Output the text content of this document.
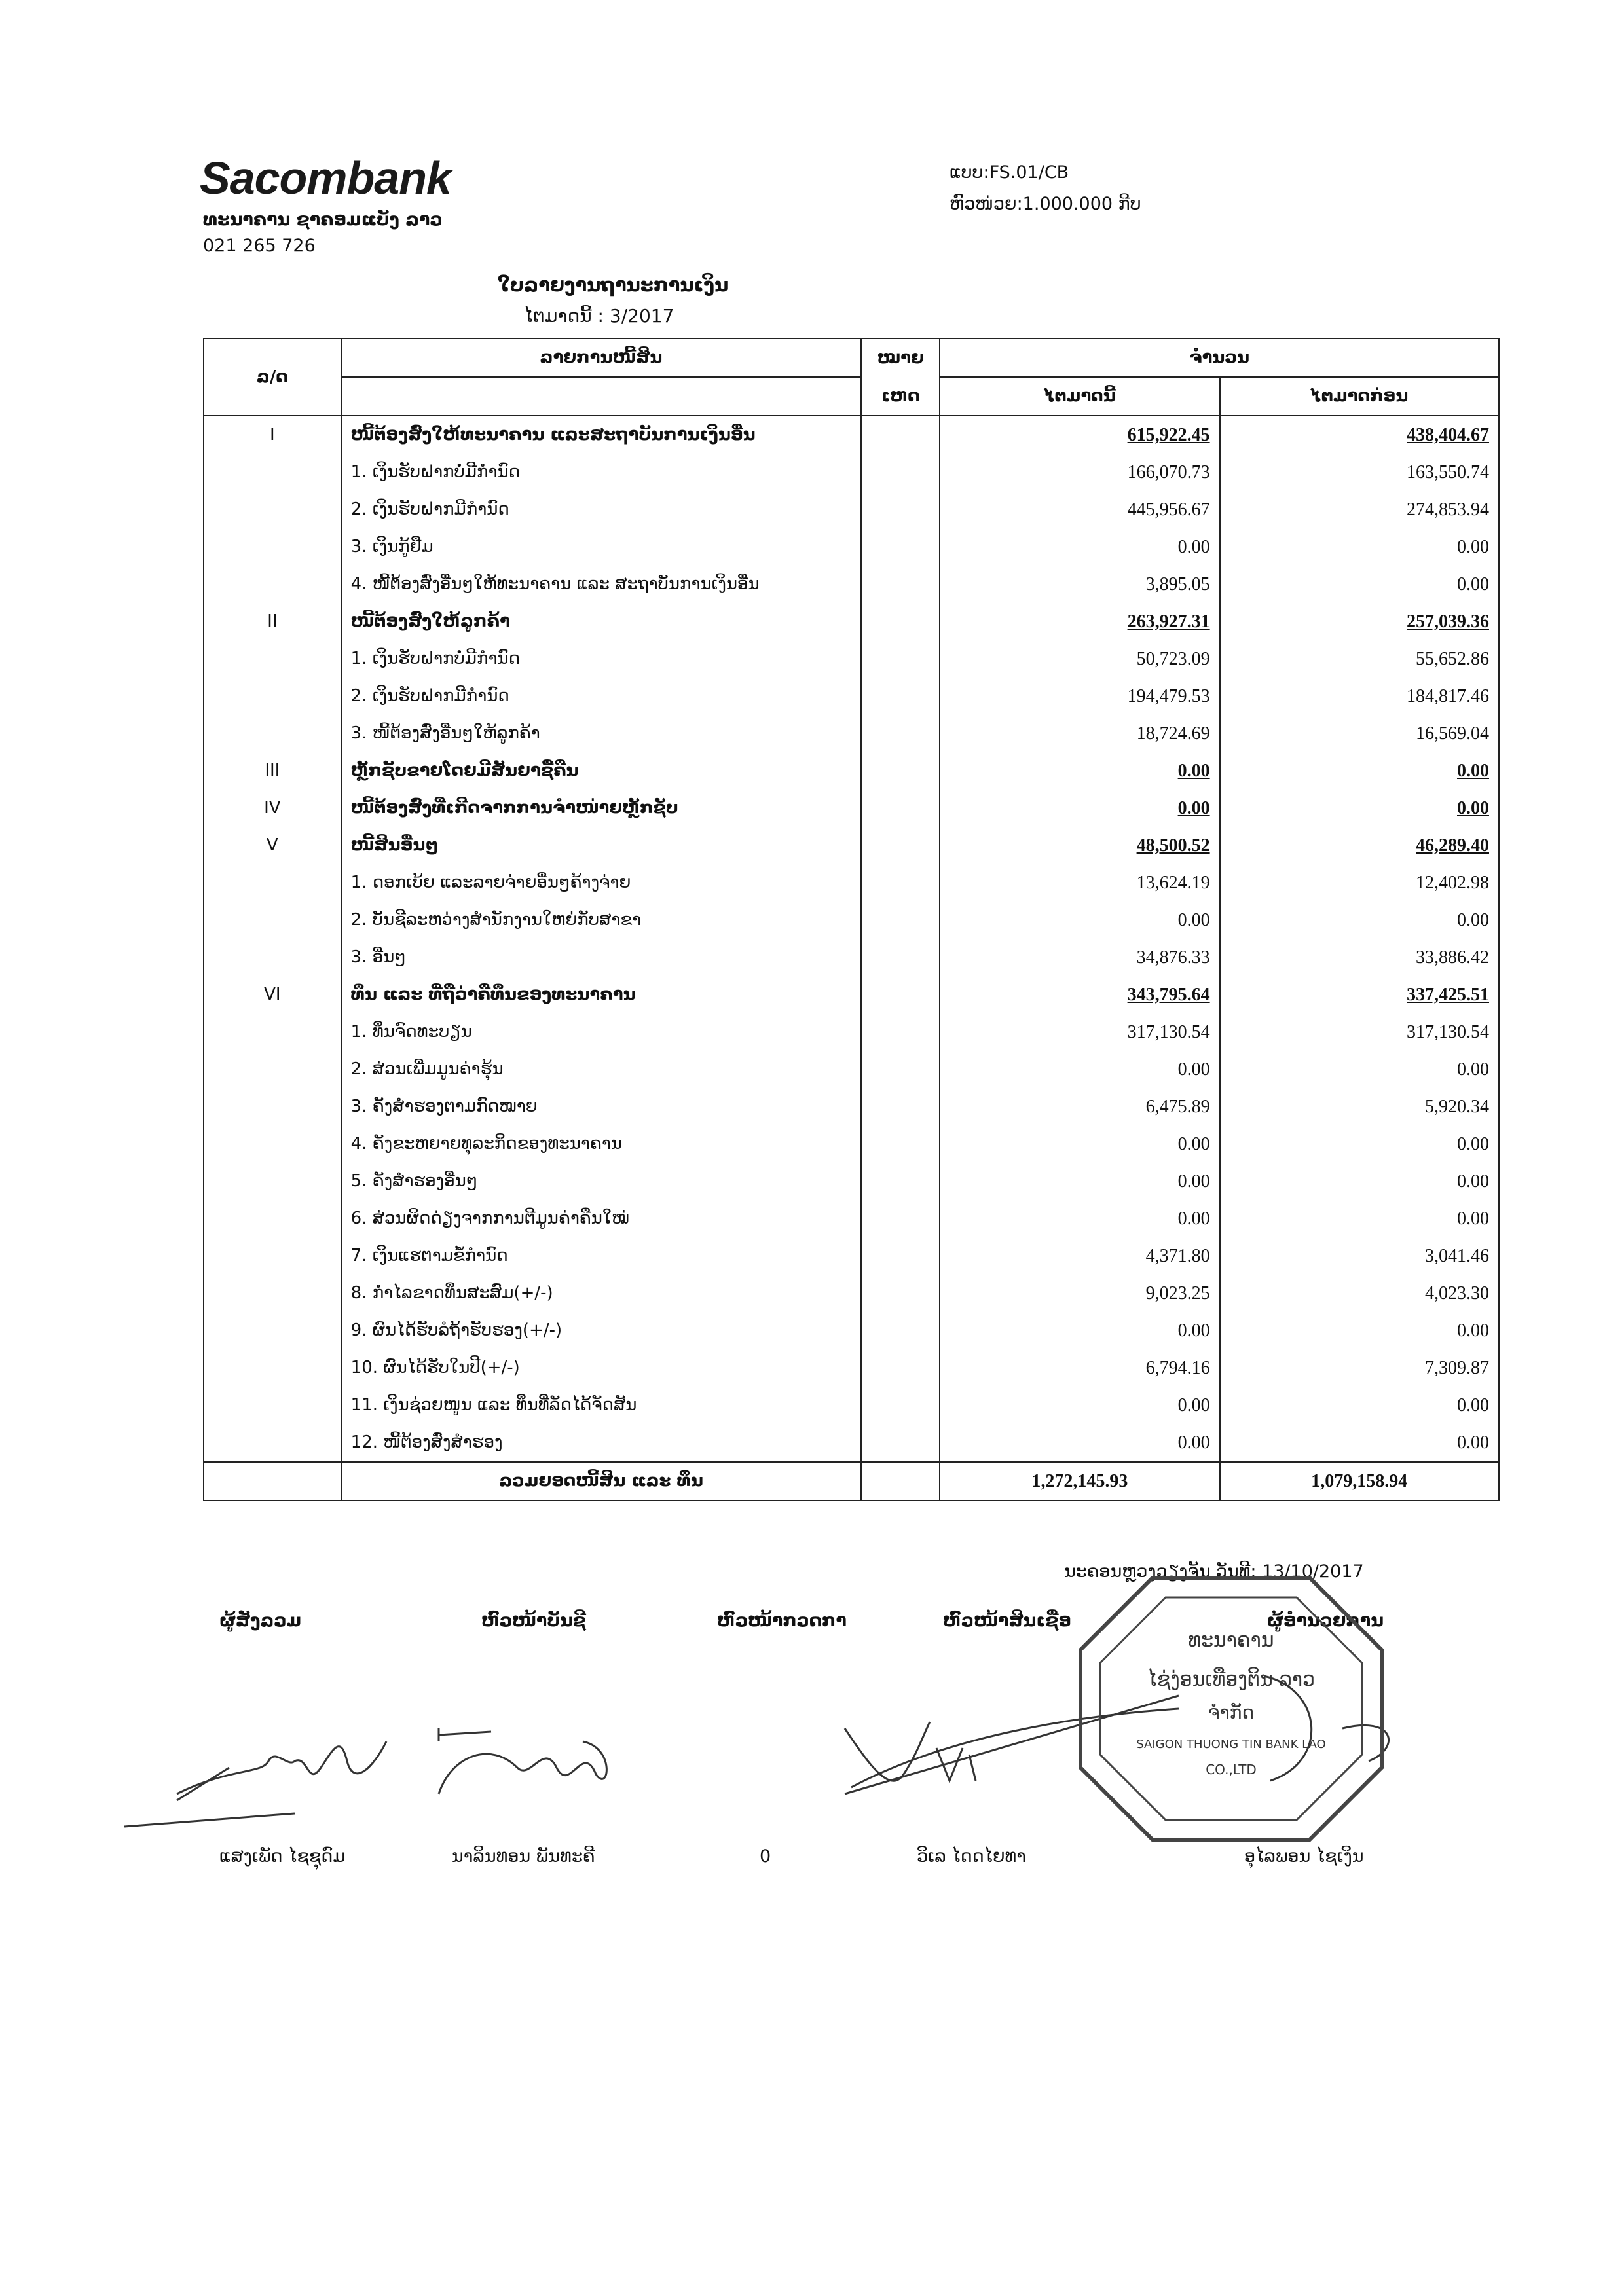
Sacombank
ທະນາຄານ ຊາຄອມແບັງ ລາວ
021 265 726
ແບບ:FS.01/CB
ຫົວໜ່ວຍ:1.000.000 ກີບ
ໃບລາຍງານຖານະການເງິນ
ໄຕມາດນີ້ : 3/2017
ລ/ດ	ລາຍການໜີ້ສິນ	ໝາຍ	ຈຳນວນ	
		ເຫດ	ໄຕມາດນີ້	ໄຕມາດກ່ອນ
I	ໜີ້ຕ້ອງສົ່ງໃຫ້ທະນາຄານ ແລະສະຖາບັນການເງິນອື່ນ		615,922.45	438,404.67
	1. ເງິນຮັບຝາກບໍ່ມີກຳນົດ		166,070.73	163,550.74
	2. ເງິນຮັບຝາກມີກຳນົດ		445,956.67	274,853.94
	3. ເງິນກູ້ຢືມ		0.00	0.00
	4. ໜີ້ຕ້ອງສົ່ງອື່ນໆໃຫ້ທະນາຄານ ແລະ ສະຖາບັນການເງິນອື່ນ		3,895.05	0.00
II	ໜີ້ຕ້ອງສົ່ງໃຫ້ລູກຄ້າ		263,927.31	257,039.36
	1. ເງິນຮັບຝາກບໍ່ມີກຳນົດ		50,723.09	55,652.86
	2. ເງິນຮັບຝາກມີກຳນົດ		194,479.53	184,817.46
	3. ໜີ້ຕ້ອງສົ່ງອື່ນໆໃຫ້ລູກຄ້າ		18,724.69	16,569.04
III	ຫຼັກຊັບຂາຍໂດຍມີສັນຍາຊື້ຄືນ		0.00	0.00
IV	ໜີ້ຕ້ອງສົ່ງທີ່ເກີດຈາກການຈຳໜ່າຍຫຼັກຊັບ		0.00	0.00
V	ໜີ້ສິນອື່ນໆ		48,500.52	46,289.40
	1. ດອກເບ້ຍ ແລະລາຍຈ່າຍອື່ນໆຄ້າງຈ່າຍ		13,624.19	12,402.98
	2. ບັນຊີລະຫວ່າງສຳນັກງານໃຫຍ່ກັບສາຂາ		0.00	0.00
	3. ອື່ນໆ		34,876.33	33,886.42
VI	ທຶນ ແລະ ທີ່ຖືວ່າຄືທຶນຂອງທະນາຄານ		343,795.64	337,425.51
	1. ທຶນຈົດທະບຽນ		317,130.54	317,130.54
	2. ສ່ວນເພີ່ມມູນຄ່າຮຸ້ນ		0.00	0.00
	3. ຄັງສຳຮອງຕາມກົດໝາຍ		6,475.89	5,920.34
	4. ຄັງຂະຫຍາຍທຸລະກິດຂອງທະນາຄານ		0.00	0.00
	5. ຄັງສຳຮອງອື່ນໆ		0.00	0.00
	6. ສ່ວນຜິດດ່ຽງຈາກການຕີມູນຄ່າຄືນໃໝ່		0.00	0.00
	7. ເງິນແຮຕາມຂໍ້ກຳນົດ		4,371.80	3,041.46
	8. ກຳໄລຂາດທຶນສະສົມ(+/-)		9,023.25	4,023.30
	9. ຜົນໄດ້ຮັບລໍຖ້າຮັບຮອງ(+/-)		0.00	0.00
	10. ຜົນໄດ້ຮັບໃນປີ(+/-)		6,794.16	7,309.87
	11. ເງິນຊ່ວຍໜູນ ແລະ ທຶນທີ່ລັດໄດ້ຈັດສັນ		0.00	0.00
	12. ໜີ້ຕ້ອງສົ່ງສຳຮອງ		0.00	0.00
	ລວມຍອດໜີ້ສິນ ແລະ ທຶນ		1,272,145.93	1,079,158.94
ນະຄອນຫຼວງວຽງຈັນ ວັນທີ: 13/10/2017
ຜູ້ສັງລວມ	ຫົວໜ້າບັນຊີ	ຫົວໜ້າກວດກາ	ຫົວໜ້າສິນເຊື່ອ	ຜູ້ອຳນວຍການ
ແສງເພັດ ໄຊຊຸດົມ	ນາລິນທອນ ພັນທະຄີ	0	ວິເລ ໄດດໄຍທາ	ອຸໄລພອນ ໄຊເງິນ
ທະນາຄານ
ໄຊ່ງ່ອນເທືອງຕິນ ລາວ
ຈຳກັດ
SAIGON THUONG TIN BANK LAO
CO.,LTD
